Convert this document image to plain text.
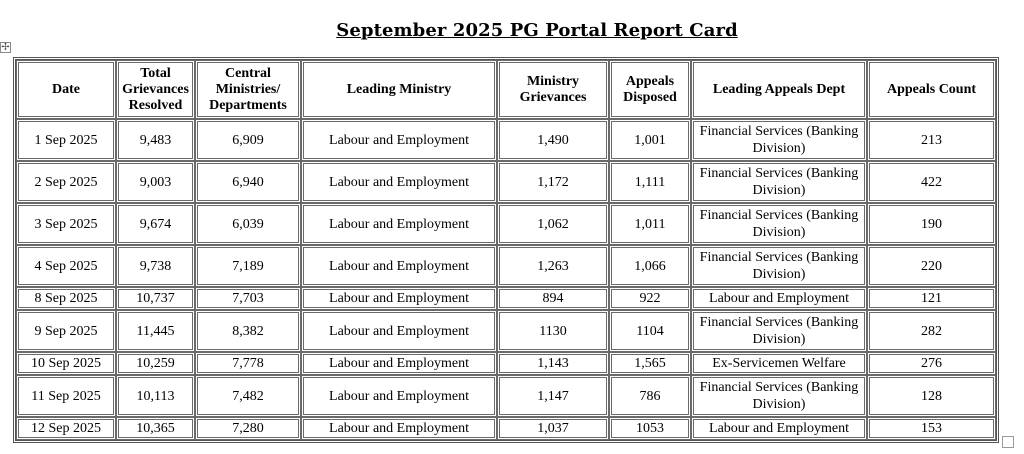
September 2025 PG Portal Report Card
✢
Date	Total Grievances Resolved	Central Ministries/ Departments	Leading Ministry	Ministry Grievances	Appeals Disposed	Leading Appeals Dept	Appeals Count
1 Sep 2025	9,483	6,909	Labour and Employment	1,490	1,001	Financial Services (Banking Division)	213
2 Sep 2025	9,003	6,940	Labour and Employment	1,172	1,111	Financial Services (Banking Division)	422
3 Sep 2025	9,674	6,039	Labour and Employment	1,062	1,011	Financial Services (Banking Division)	190
4 Sep 2025	9,738	7,189	Labour and Employment	1,263	1,066	Financial Services (Banking Division)	220
8 Sep 2025	10,737	7,703	Labour and Employment	894	922	Labour and Employment	121
9 Sep 2025	11,445	8,382	Labour and Employment	1130	1104	Financial Services (Banking Division)	282
10 Sep 2025	10,259	7,778	Labour and Employment	1,143	1,565	Ex-Servicemen Welfare	276
11 Sep 2025	10,113	7,482	Labour and Employment	1,147	786	Financial Services (Banking Division)	128
12 Sep 2025	10,365	7,280	Labour and Employment	1,037	1053	Labour and Employment	153
